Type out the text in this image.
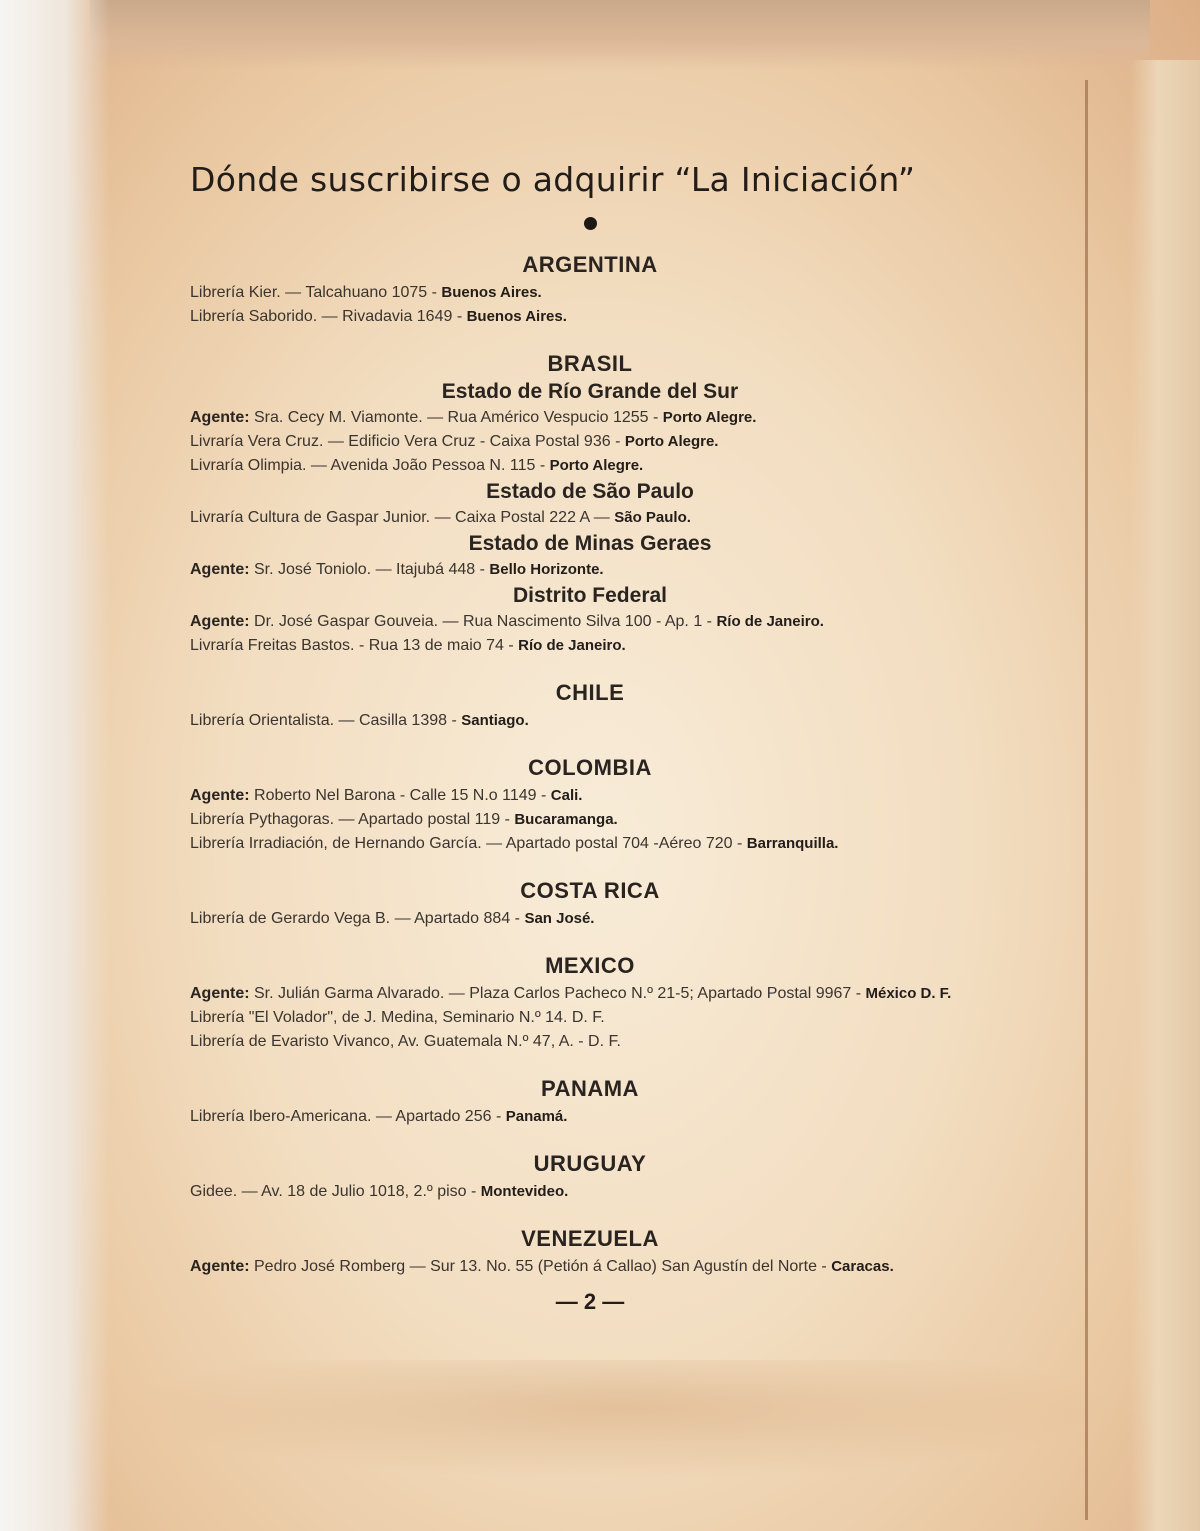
Dónde suscribirse o adquirir “La Iniciación”
ARGENTINA
Librería Kier. — Talcahuano 1075 - Buenos Aires.
Librería Saborido. — Rivadavia 1649 - Buenos Aires.
BRASIL
Estado de Río Grande del Sur
Agente: Sra. Cecy M. Viamonte. — Rua Américo Vespucio 1255 - Porto Alegre.
Livraría Vera Cruz. — Edificio Vera Cruz - Caixa Postal 936 - Porto Alegre.
Livraría Olimpia. — Avenida João Pessoa N. 115 - Porto Alegre.
Estado de São Paulo
Livraría Cultura de Gaspar Junior. — Caixa Postal 222 A — São Paulo.
Estado de Minas Geraes
Agente: Sr. José Toniolo. — Itajubá 448 - Bello Horizonte.
Distrito Federal
Agente: Dr. José Gaspar Gouveia. — Rua Nascimento Silva 100 - Ap. 1 - Río de Janeiro.
Livraría Freitas Bastos. - Rua 13 de maio 74 - Río de Janeiro.
CHILE
Librería Orientalista. — Casilla 1398 - Santiago.
COLOMBIA
Agente: Roberto Nel Barona - Calle 15 N.o 1149 - Cali.
Librería Pythagoras. — Apartado postal 119 - Bucaramanga.
Librería Irradiación, de Hernando García. — Apartado postal 704 -Aéreo 720 - Barranquilla.
COSTA RICA
Librería de Gerardo Vega B. — Apartado 884 - San José.
MEXICO
Agente: Sr. Julián Garma Alvarado. — Plaza Carlos Pacheco N.º 21-5; Apartado Postal 9967 - México D. F.
Librería "El Volador", de J. Medina, Seminario N.º 14. D. F.
Librería de Evaristo Vivanco, Av. Guatemala N.º 47, A. - D. F.
PANAMA
Librería Ibero-Americana. — Apartado 256 - Panamá.
URUGUAY
Gidee. — Av. 18 de Julio 1018, 2.º piso - Montevideo.
VENEZUELA
Agente: Pedro José Romberg — Sur 13. No. 55 (Petión á Callao) San Agustín del Norte - Caracas.
— 2 —
